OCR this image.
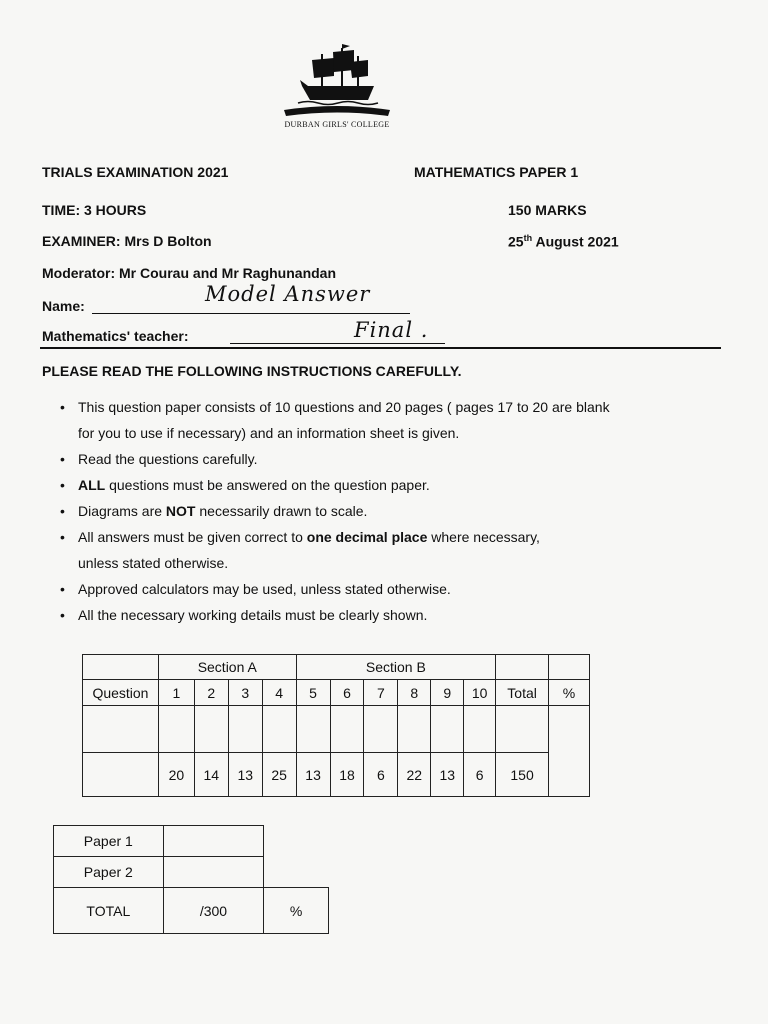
DURBAN GIRLS' COLLEGE
TRIALS EXAMINATION 2021	MATHEMATICS PAPER 1
TIME: 3 HOURS	150 MARKS
EXAMINER: Mrs D Bolton	25th August 2021
Moderator: Mr Courau and Mr Raghunandan
Name:	Model Answer
Mathematics' teacher:	Final .
PLEASE READ THE FOLLOWING INSTRUCTIONS CAREFULLY.
• This question paper consists of 10 questions and 20 pages ( pages 17 to 20 are blank
for you to use if necessary) and an information sheet is given.
• Read the questions carefully.
• ALL questions must be answered on the question paper.
• Diagrams are NOT necessarily drawn to scale.
• All answers must be given correct to one decimal place where necessary,
unless stated otherwise.
• Approved calculators may be used, unless stated otherwise.
• All the necessary working details must be clearly shown.
	Section A				Section B							
Question	1	2	3	4	5	6	7	8	9	10	Total	%

	20	14	13	25	13	18	6	22	13	6	150	
Paper 1		
Paper 2		
TOTAL	/300	%
